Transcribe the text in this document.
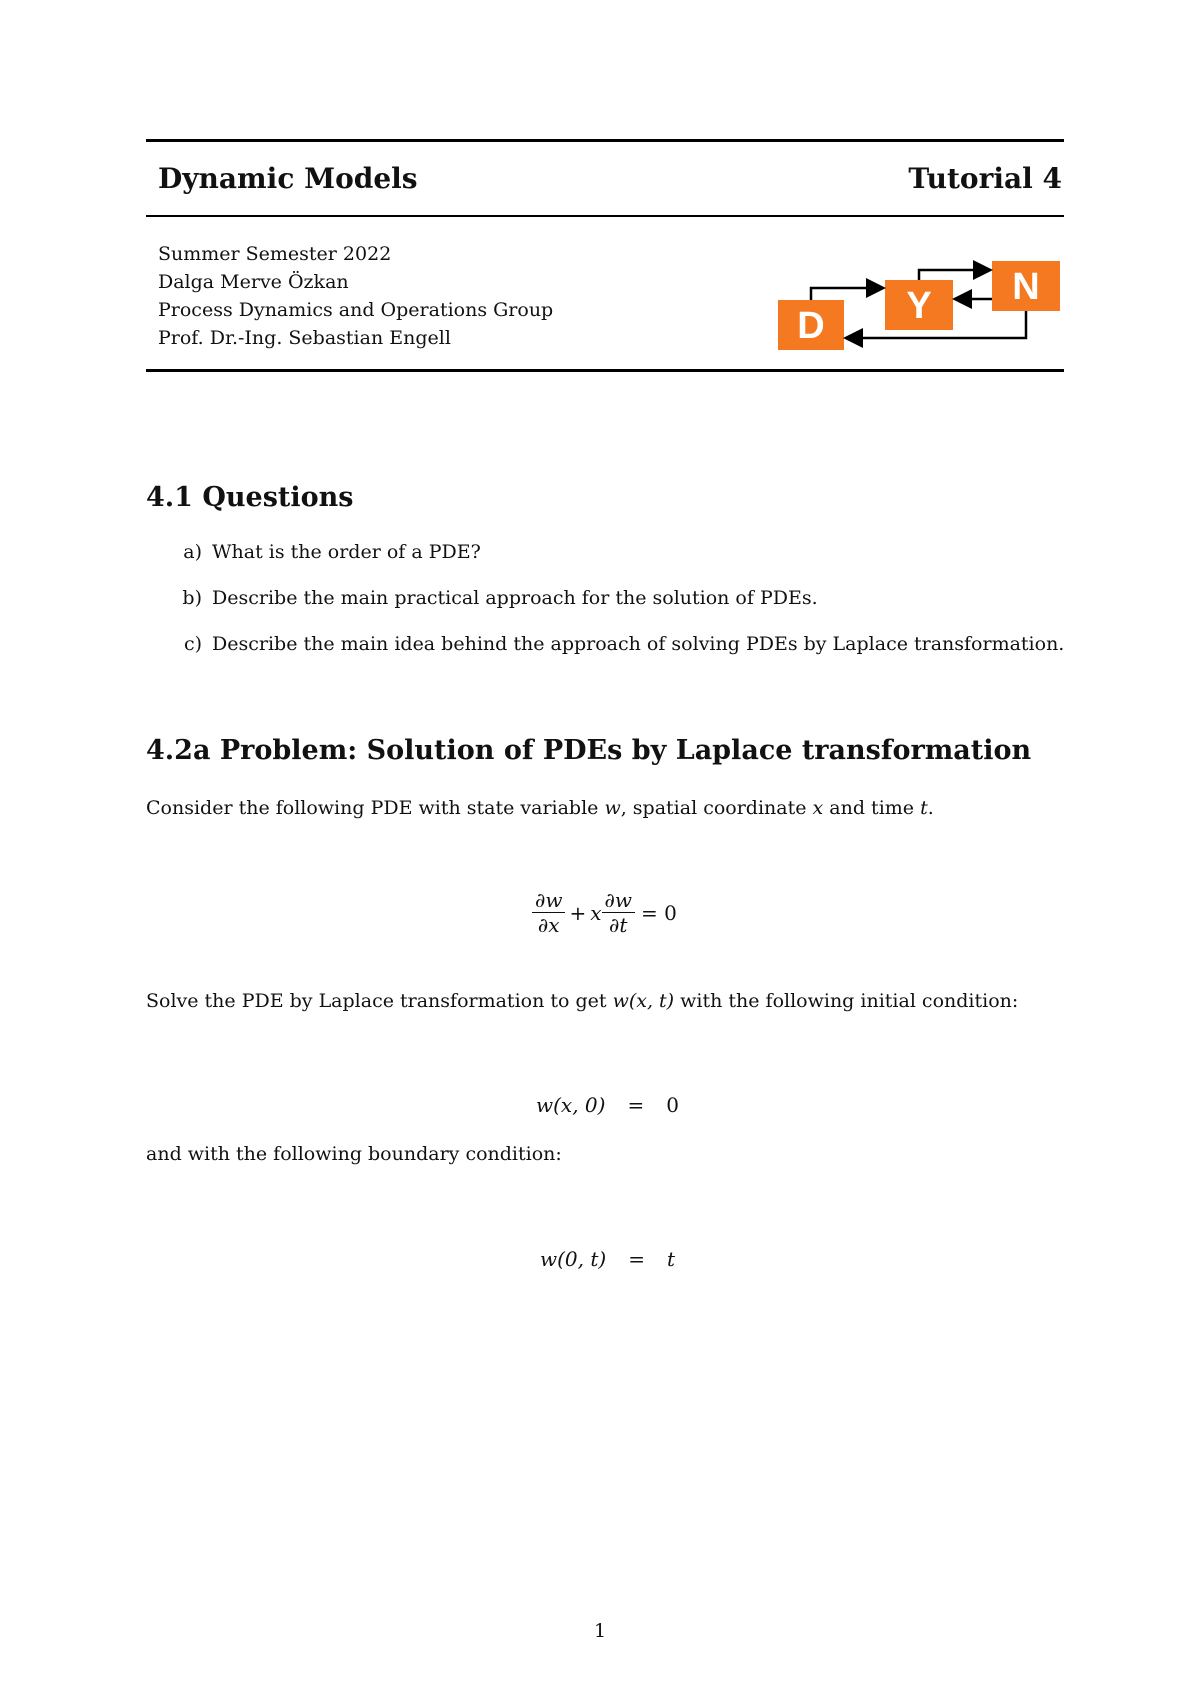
Dynamic Models	Tutorial 4
Summer Semester 2022
Dalga Merve Özkan
Process Dynamics and Operations Group
Prof. Dr.-Ing. Sebastian Engell	D Y N
4.1 Questions
a) What is the order of a PDE?
b) Describe the main practical approach for the solution of PDEs.
c) Describe the main idea behind the approach of solving PDEs by Laplace transformation.
4.2a Problem: Solution of PDEs by Laplace transformation
Consider the following PDE with state variable w, spatial coordinate x and time t.
$\frac{\partial w}{\partial x} + x \frac{\partial w}{\partial t} = 0$
Solve the PDE by Laplace transformation to get w(x, t) with the following initial condition:
w(x, 0) = 0
and with the following boundary condition:
w(0, t) = t
1
